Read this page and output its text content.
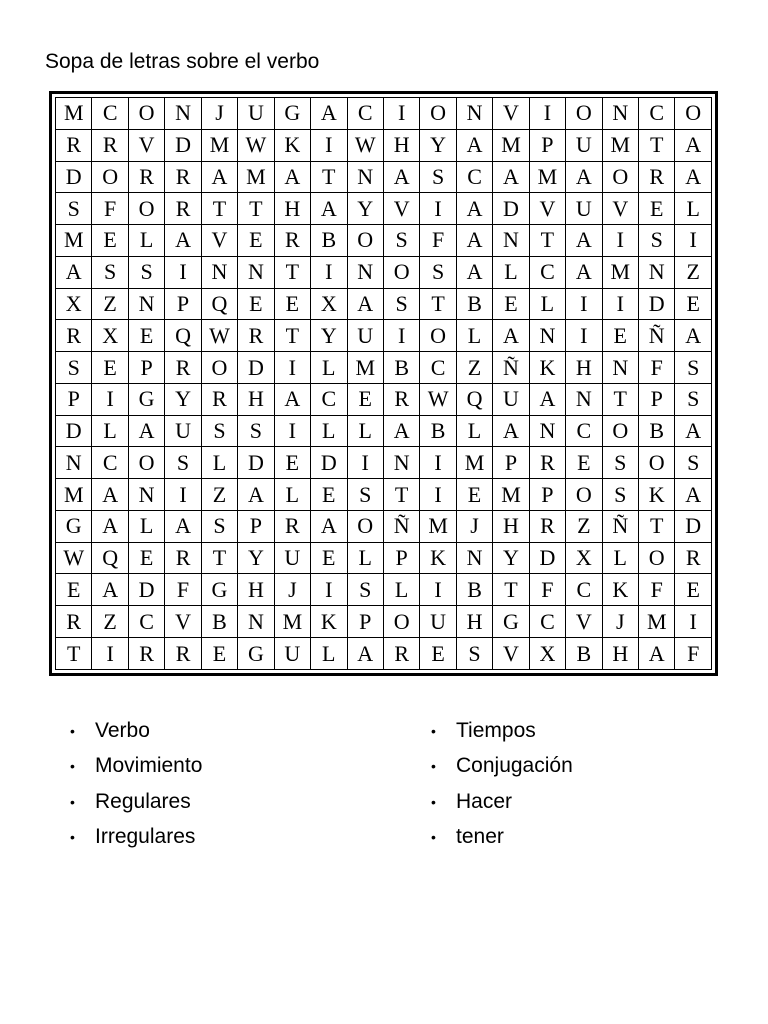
Sopa de letras sobre el verbo
M	C	O	N	J	U	G	A	C	I	O	N	V	I	O	N	C	O
R	R	V	D	M	W	K	I	W	H	Y	A	M	P	U	M	T	A
D	O	R	R	A	M	A	T	N	A	S	C	A	M	A	O	R	A
S	F	O	R	T	T	H	A	Y	V	I	A	D	V	U	V	E	L
M	E	L	A	V	E	R	B	O	S	F	A	N	T	A	I	S	I
A	S	S	I	N	N	T	I	N	O	S	A	L	C	A	M	N	Z
X	Z	N	P	Q	E	E	X	A	S	T	B	E	L	I	I	D	E
R	X	E	Q	W	R	T	Y	U	I	O	L	A	N	I	E	Ñ	A
S	E	P	R	O	D	I	L	M	B	C	Z	Ñ	K	H	N	F	S
P	I	G	Y	R	H	A	C	E	R	W	Q	U	A	N	T	P	S
D	L	A	U	S	S	I	L	L	A	B	L	A	N	C	O	B	A
N	C	O	S	L	D	E	D	I	N	I	M	P	R	E	S	O	S
M	A	N	I	Z	A	L	E	S	T	I	E	M	P	O	S	K	A
G	A	L	A	S	P	R	A	O	Ñ	M	J	H	R	Z	Ñ	T	D
W	Q	E	R	T	Y	U	E	L	P	K	N	Y	D	X	L	O	R
E	A	D	F	G	H	J	I	S	L	I	B	T	F	C	K	F	E
R	Z	C	V	B	N	M	K	P	O	U	H	G	C	V	J	M	I
T	I	R	R	E	G	U	L	A	R	E	S	V	X	B	H	A	F
• Verbo
• Movimiento
• Regulares
• Irregulares
• Tiempos
• Conjugación
• Hacer
• tener
